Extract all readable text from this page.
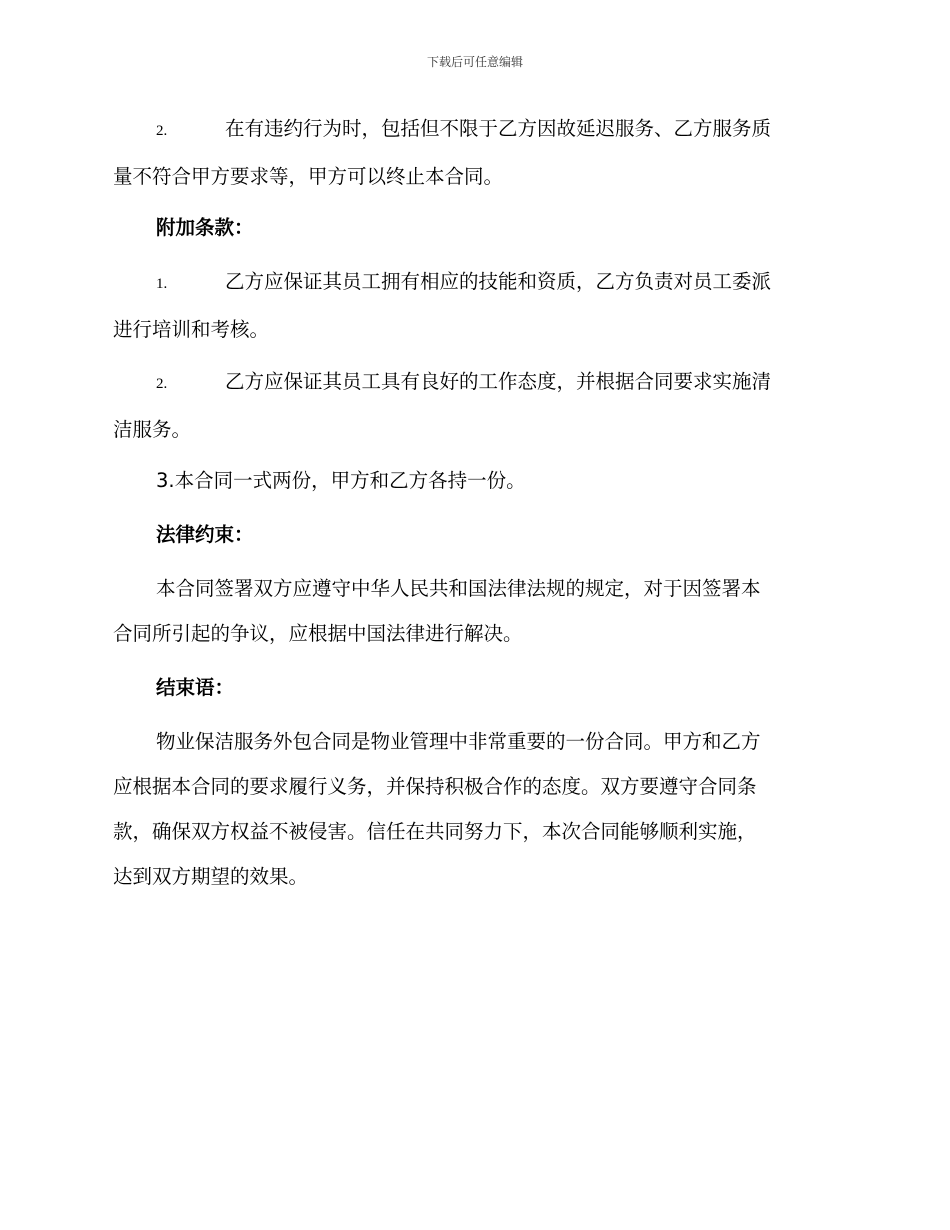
下载后可任意编辑
2.	在有违约行为时，包括但不限于乙方因故延迟服务、乙方服务质
量不符合甲方要求等，甲方可以终止本合同。
附加条款：
1.	乙方应保证其员工拥有相应的技能和资质，乙方负责对员工委派
进行培训和考核。
2.	乙方应保证其员工具有良好的工作态度，并根据合同要求实施清
洁服务。
3.本合同一式两份，甲方和乙方各持一份。
法律约束：
本合同签署双方应遵守中华人民共和国法律法规的规定，对于因签署本
合同所引起的争议，应根据中国法律进行解决。
结束语：
物业保洁服务外包合同是物业管理中非常重要的一份合同。甲方和乙方
应根据本合同的要求履行义务，并保持积极合作的态度。双方要遵守合同条
款，确保双方权益不被侵害。信任在共同努力下，本次合同能够顺利实施，
达到双方期望的效果。
